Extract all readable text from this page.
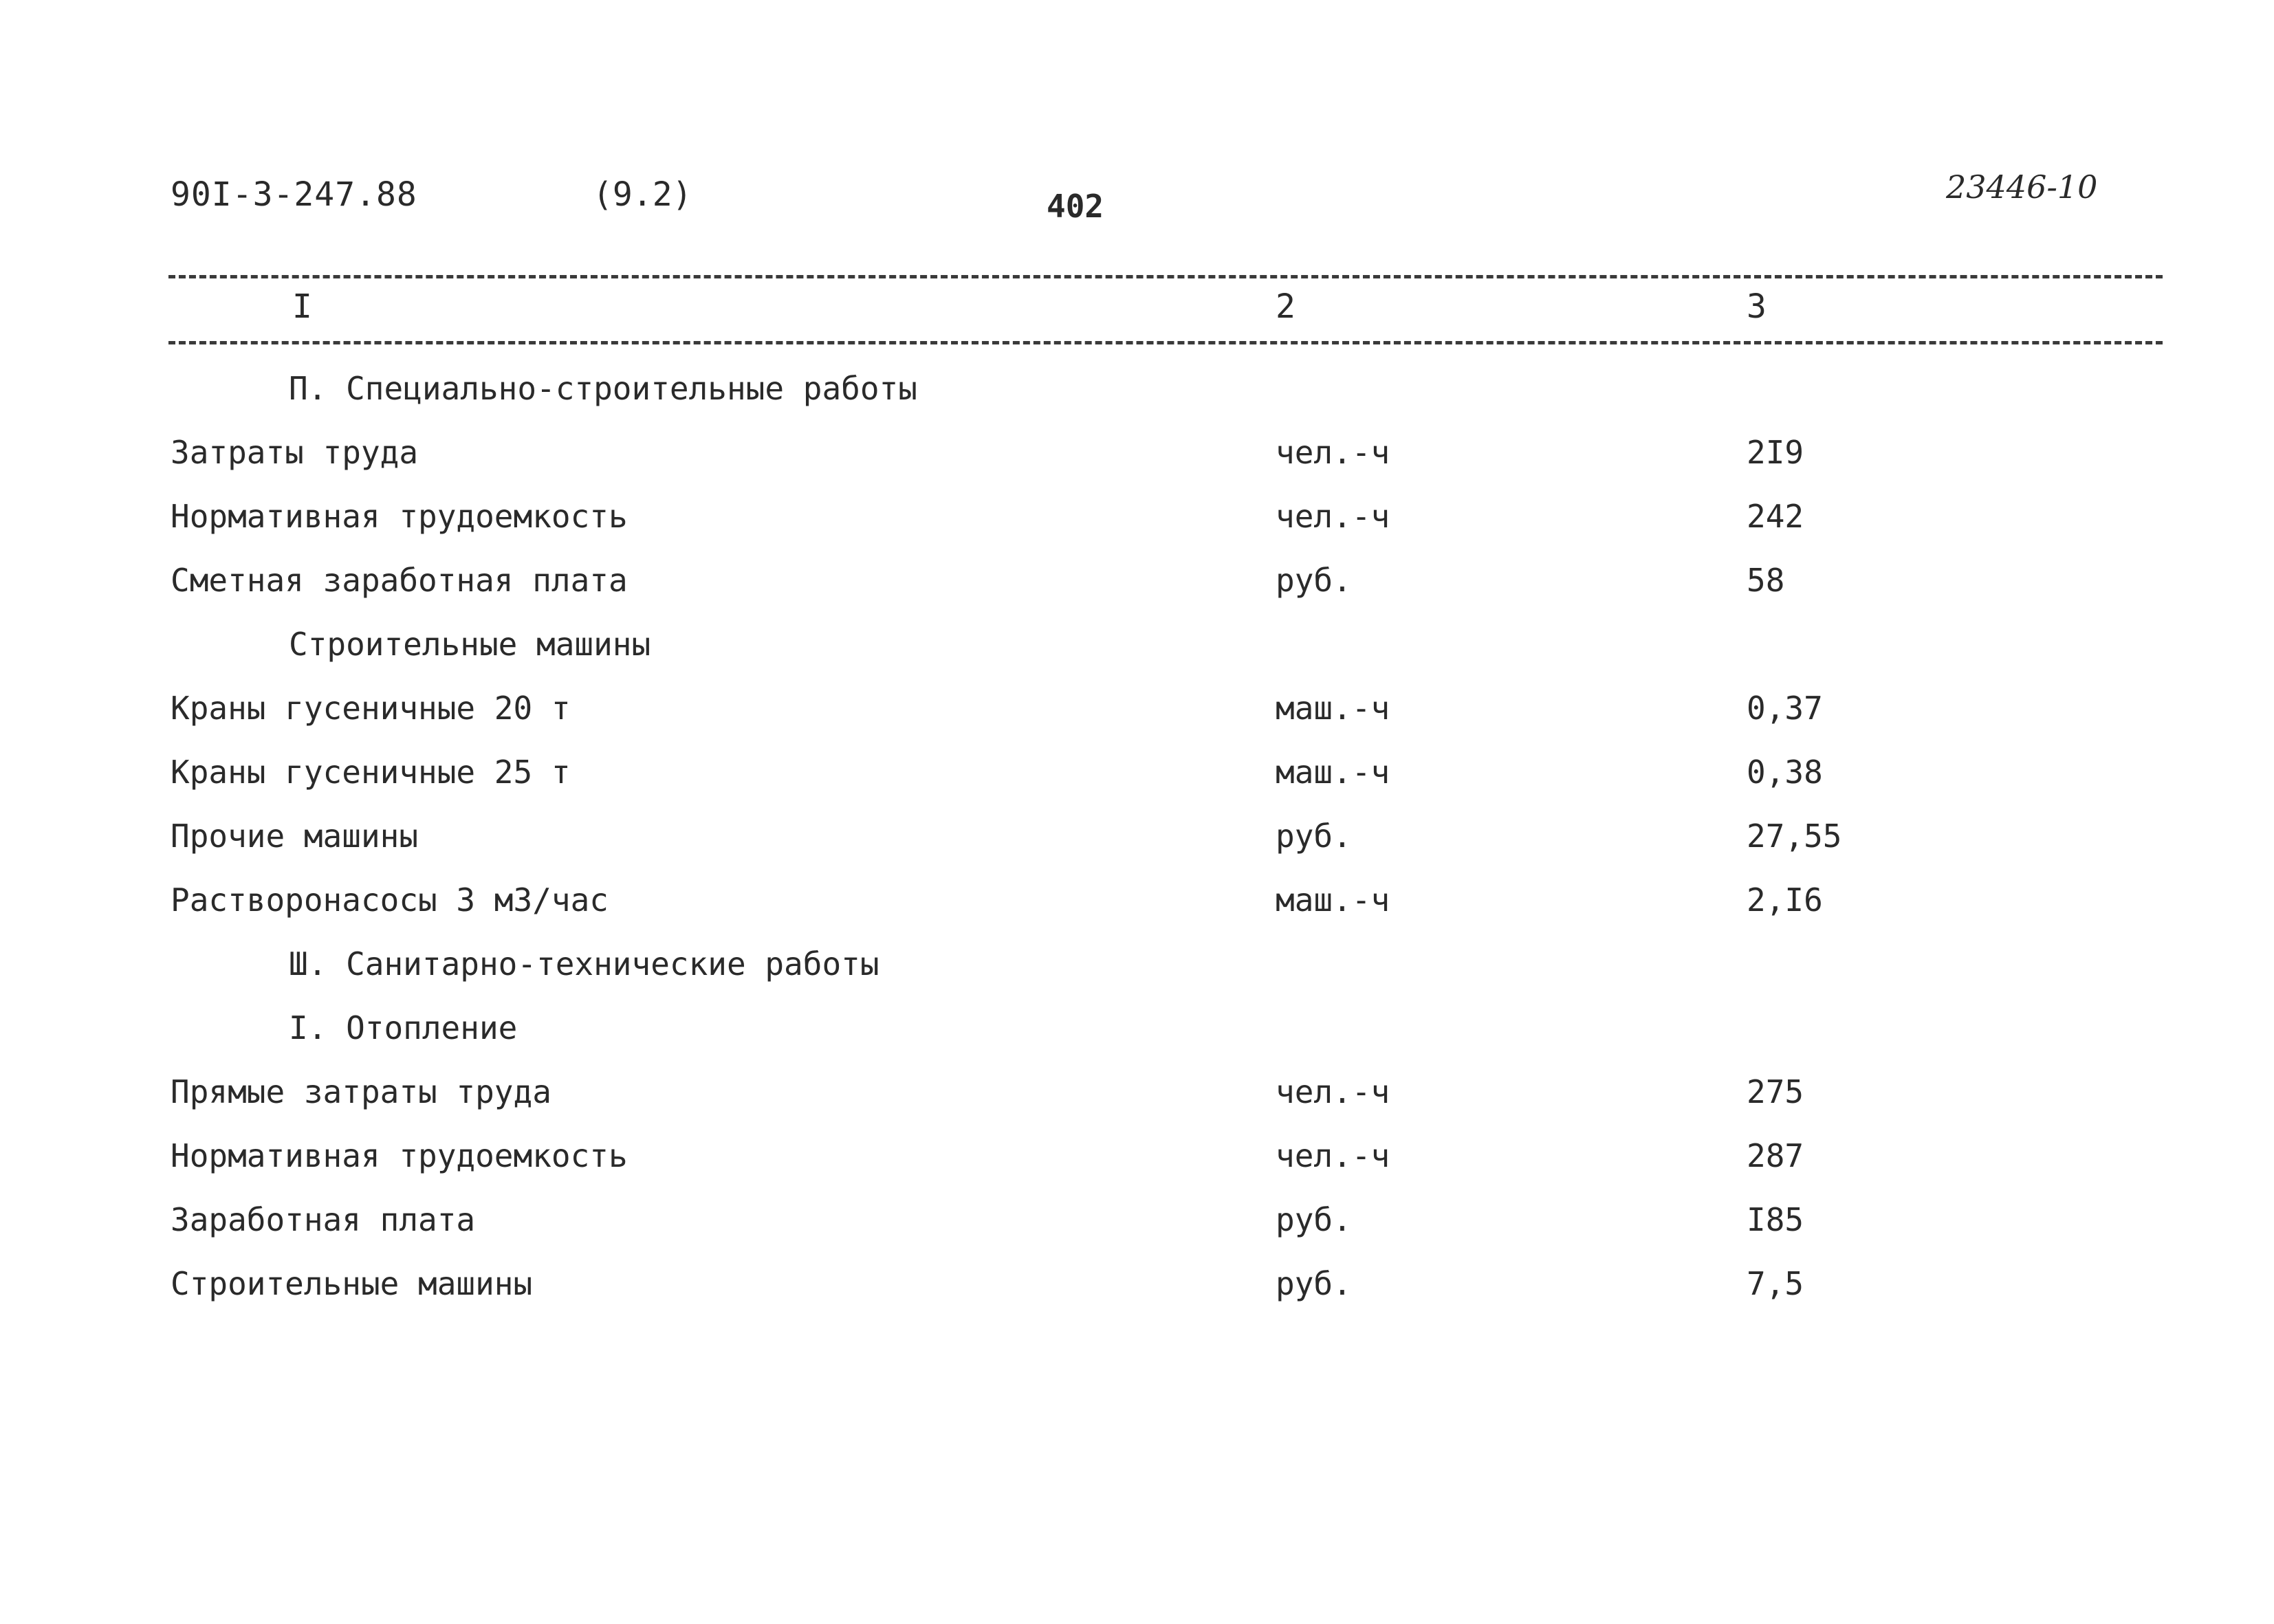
90I-3-247.88	(9.2)	402
23446-10
I	2	3
П. Специально-строительные работы
Затраты труда	чел.-ч	2I9
Нормативная трудоемкость	чел.-ч	242
Сметная заработная плата	руб.	58
Строительные машины
Краны гусеничные 20 т	маш.-ч	0,37
Краны гусеничные 25 т	маш.-ч	0,38
Прочие машины	руб.	27,55
Растворонасосы 3 м3/час	маш.-ч	2,I6
Ш. Санитарно-технические работы
I. Отопление
Прямые затраты труда	чел.-ч	275
Нормативная трудоемкость	чел.-ч	287
Заработная плата	руб.	I85
Строительные машины	руб.	7,5
